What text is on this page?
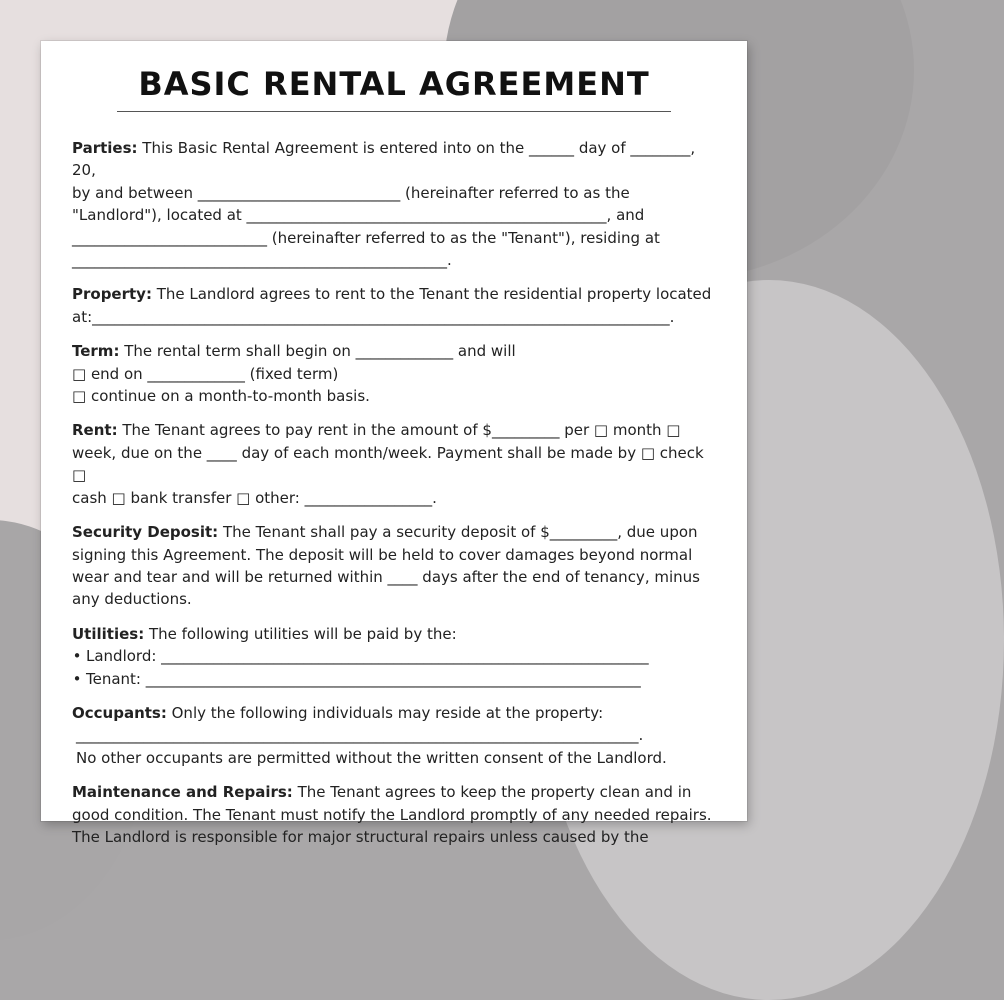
BASIC RENTAL AGREEMENT

Parties: This Basic Rental Agreement is entered into on the ______ day of ________, 20,

by and between ___________________________ (hereinafter referred to as the

"Landlord"), located at ________________________________________________, and

__________________________ (hereinafter referred to as the "Tenant"), residing at

__________________________________________________.

Property: The Landlord agrees to rent to the Tenant the residential property located

at:_____________________________________________________________________________.

Term: The rental term shall begin on _____________ and will

□ end on _____________ (fixed term)

□ continue on a month-to-month basis.

Rent: The Tenant agrees to pay rent in the amount of $_________ per □ month □

week, due on the ____ day of each month/week. Payment shall be made by □ check □

cash □ bank transfer □ other: _________________.

Security Deposit: The Tenant shall pay a security deposit of $_________, due upon

signing this Agreement. The deposit will be held to cover damages beyond normal

wear and tear and will be returned within ____ days after the end of tenancy, minus

any deductions.

Utilities: The following utilities will be paid by the:

• Landlord: _________________________________________________________________

• Tenant: __________________________________________________________________

Occupants: Only the following individuals may reside at the property:

___________________________________________________________________________.

No other occupants are permitted without the written consent of the Landlord.

Maintenance and Repairs: The Tenant agrees to keep the property clean and in

good condition. The Tenant must notify the Landlord promptly of any needed repairs.

The Landlord is responsible for major structural repairs unless caused by the
